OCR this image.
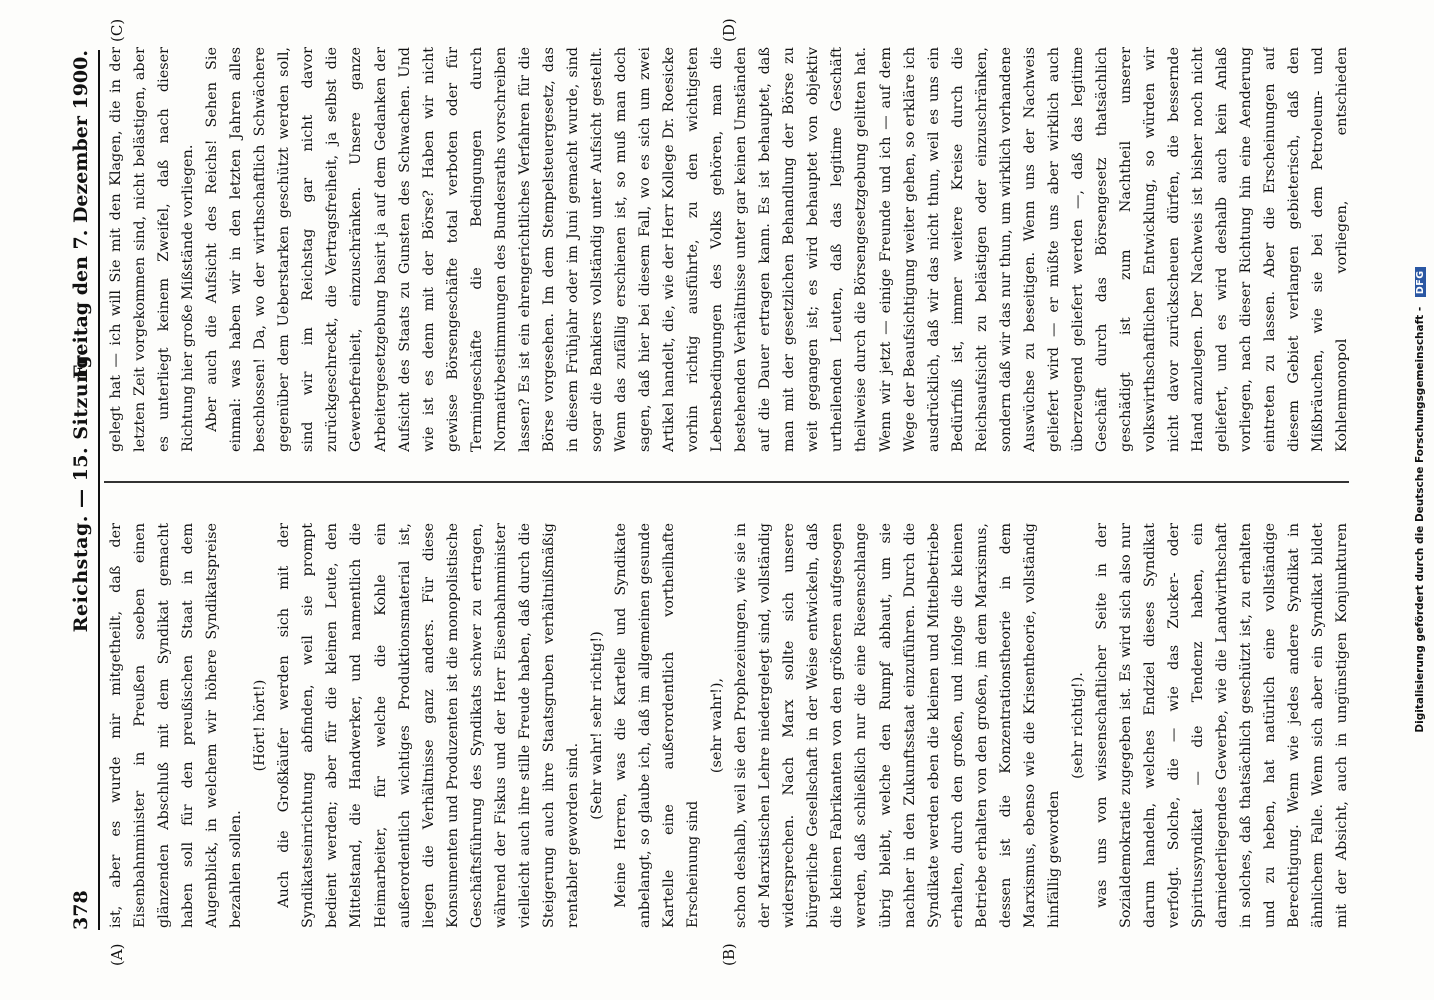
378
Reichstag. — 15. Sitzung.
Freitag den 7. Dezember 1900.
(A)	(B)
(C)	(D)

ist, aber es wurde mir mitgetheilt, daß der Eisenbahnminister in Preußen soeben einen glänzenden Abschluß mit dem Syndikat gemacht haben soll für den preußischen Staat in dem Augenblick, in welchem wir höhere Syndikatspreise bezahlen sollen.

(Hört! hört!) Auch die Großkäufer werden sich mit der Syndikatseinrichtung abfinden, weil sie prompt bedient werden; aber für die kleinen Leute, den Mittelstand, die Handwerker, und namentlich die Heimarbeiter, für welche die Kohle ein außerordentlich wichtiges Produktionsmaterial ist, liegen die Verhältnisse ganz anders. Für diese Konsumenten und Produzenten ist die monopolistische Geschäftsführung des Syndikats schwer zu ertragen, während der Fiskus und der Herr Eisenbahnminister vielleicht auch ihre stille Freude haben, daß durch die Steigerung auch ihre Staatsgruben verhältnißmäßig rentabler geworden sind.

(Sehr wahr! sehr richtig!) Meine Herren, was die Kartelle und Syndikate anbelangt, so glaube ich, daß im allgemeinen gesunde Kartelle eine außerordentlich vortheilhafte Erscheinung sind

(sehr wahr!), schon deshalb, weil sie den Prophezeiungen, wie sie in der Marxistischen Lehre niedergelegt sind, vollständig widersprechen. Nach Marx sollte sich unsere bürgerliche Gesellschaft in der Weise entwickeln, daß die kleinen Fabrikanten von den größeren aufgesogen werden, daß schließlich nur die eine Riesenschlange übrig bleibt, welche den Rumpf abhaut, um sie nachher in den Zukunftsstaat einzuführen. Durch die Syndikate werden eben die kleinen und Mittelbetriebe erhalten, durch den großen, und infolge die kleinen Betriebe erhalten von den großen, im dem Marxismus, dessen ist die Konzentrationstheorie in dem Marxismus, ebenso wie die Krisentheorie, vollständig hinfällig geworden

(sehr richtig!).

was uns von wissenschaftlicher Seite in der Sozialdemokratie zugegeben ist. Es wird sich also nur darum handeln, welches Endziel dieses Syndikat verfolgt. Solche, die — wie das Zucker- oder Spiritussyndikat — die Tendenz haben, ein darniederliegendes Gewerbe, wie die Landwirthschaft in solches, daß thatsächlich geschützt ist, zu erhalten und zu heben, hat natürlich eine vollständige Berechtigung. Wenn wie jedes andere Syndikat in ähnlichem Falle. Wenn sich aber ein Syndikat bildet mit der Absicht, auch in ungünstigen Konjunkturen

gelegt hat — ich will Sie mit den Klagen, die in der letzten Zeit vorgekommen sind, nicht belästigen, aber es unterliegt keinem Zweifel, daß nach dieser Richtung hier große Mißstände vorliegen. Aber auch die Aufsicht des Reichs! Sehen Sie einmal: was haben wir in den letzten Jahren alles beschlossen! Da, wo der wirthschaftlich Schwächere gegenüber dem Ueberstarken geschützt werden soll, sind wir im Reichstag gar nicht davor zurückgeschreckt, die Vertragsfreiheit, ja selbst die Gewerbefreiheit, einzuschränken. Unsere ganze Arbeitergesetzgebung basirt ja auf dem Gedanken der Aufsicht des Staats zu Gunsten des Schwachen. Und wie ist es denn mit der Börse? Haben wir nicht gewisse Börsengeschäfte total verboten oder für Termingeschäfte die Bedingungen durch Normativbestimmungen des Bundesraths vorschreiben lassen? Es ist ein ehrengerichtliches Verfahren für die Börse vorgesehen. Im dem Stempelsteuergesetz, das in diesem Frühjahr oder im Juni gemacht wurde, sind sogar die Bankiers vollständig unter Aufsicht gestellt. Wenn das zufällig erschienen ist, so muß man doch sagen, daß hier bei diesem Fall, wo es sich um zwei Artikel handelt, die, wie der Herr Kollege Dr. Roesicke vorhin richtig ausführte, zu den wichtigsten Lebensbedingungen des Volks gehören, man die bestehenden Verhältnisse unter gar keinen Umständen auf die Dauer ertragen kann. Es ist behauptet, daß man mit der gesetzlichen Behandlung der Börse zu weit gegangen ist; es wird behauptet von objektiv urtheilenden Leuten, daß das legitime Geschäft theilweise durch die Börsengesetzgebung gelitten hat. Wenn wir jetzt — einige Freunde und ich — auf dem Wege der Beaufsichtigung weiter gehen, so erkläre ich ausdrücklich, daß wir das nicht thun, weil es uns ein Bedürfniß ist, immer weitere Kreise durch die Reichsaufsicht zu belästigen oder einzuschränken, sondern daß wir das nur thun, um wirklich vorhandene Auswüchse zu beseitigen. Wenn uns der Nachweis geliefert wird — er müßte uns aber wirklich auch überzeugend geliefert werden —, daß das legitime Geschäft durch das Börsengesetz thatsächlich geschädigt ist zum Nachtheil unserer volkswirthschaftlichen Entwicklung, so würden wir nicht davor zurückscheuen dürfen, die bessernde Hand anzulegen. Der Nachweis ist bisher noch nicht geliefert, und es wird deshalb auch kein Anlaß vorliegen, nach dieser Richtung hin eine Aenderung eintreten zu lassen. Aber die Erscheinungen auf diesem Gebiet verlangen gebieterisch, daß den Mißbräuchen, wie sie bei dem Petroleum- und Kohlenmonopol vorliegen, entschieden

Digitalisierung gefördert durch die Deutsche Forschungsgemeinschaft - DFG
